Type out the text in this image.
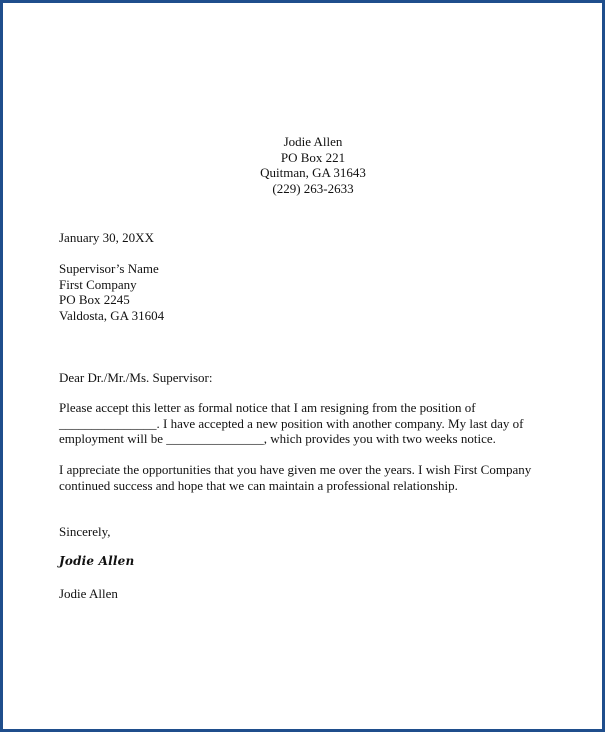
Jodie Allen
PO Box 221
Quitman, GA 31643
(229) 263-2633
January 30, 20XX
Supervisor’s Name
First Company
PO Box 2245
Valdosta, GA 31604
Dear Dr./Mr./Ms. Supervisor:
Please accept this letter as formal notice that I am resigning from the position of
_______________. I have accepted a new position with another company. My last day of
employment will be _______________, which provides you with two weeks notice.
I appreciate the opportunities that you have given me over the years. I wish First Company
continued success and hope that we can maintain a professional relationship.
Sincerely,
Jodie Allen
Jodie Allen
